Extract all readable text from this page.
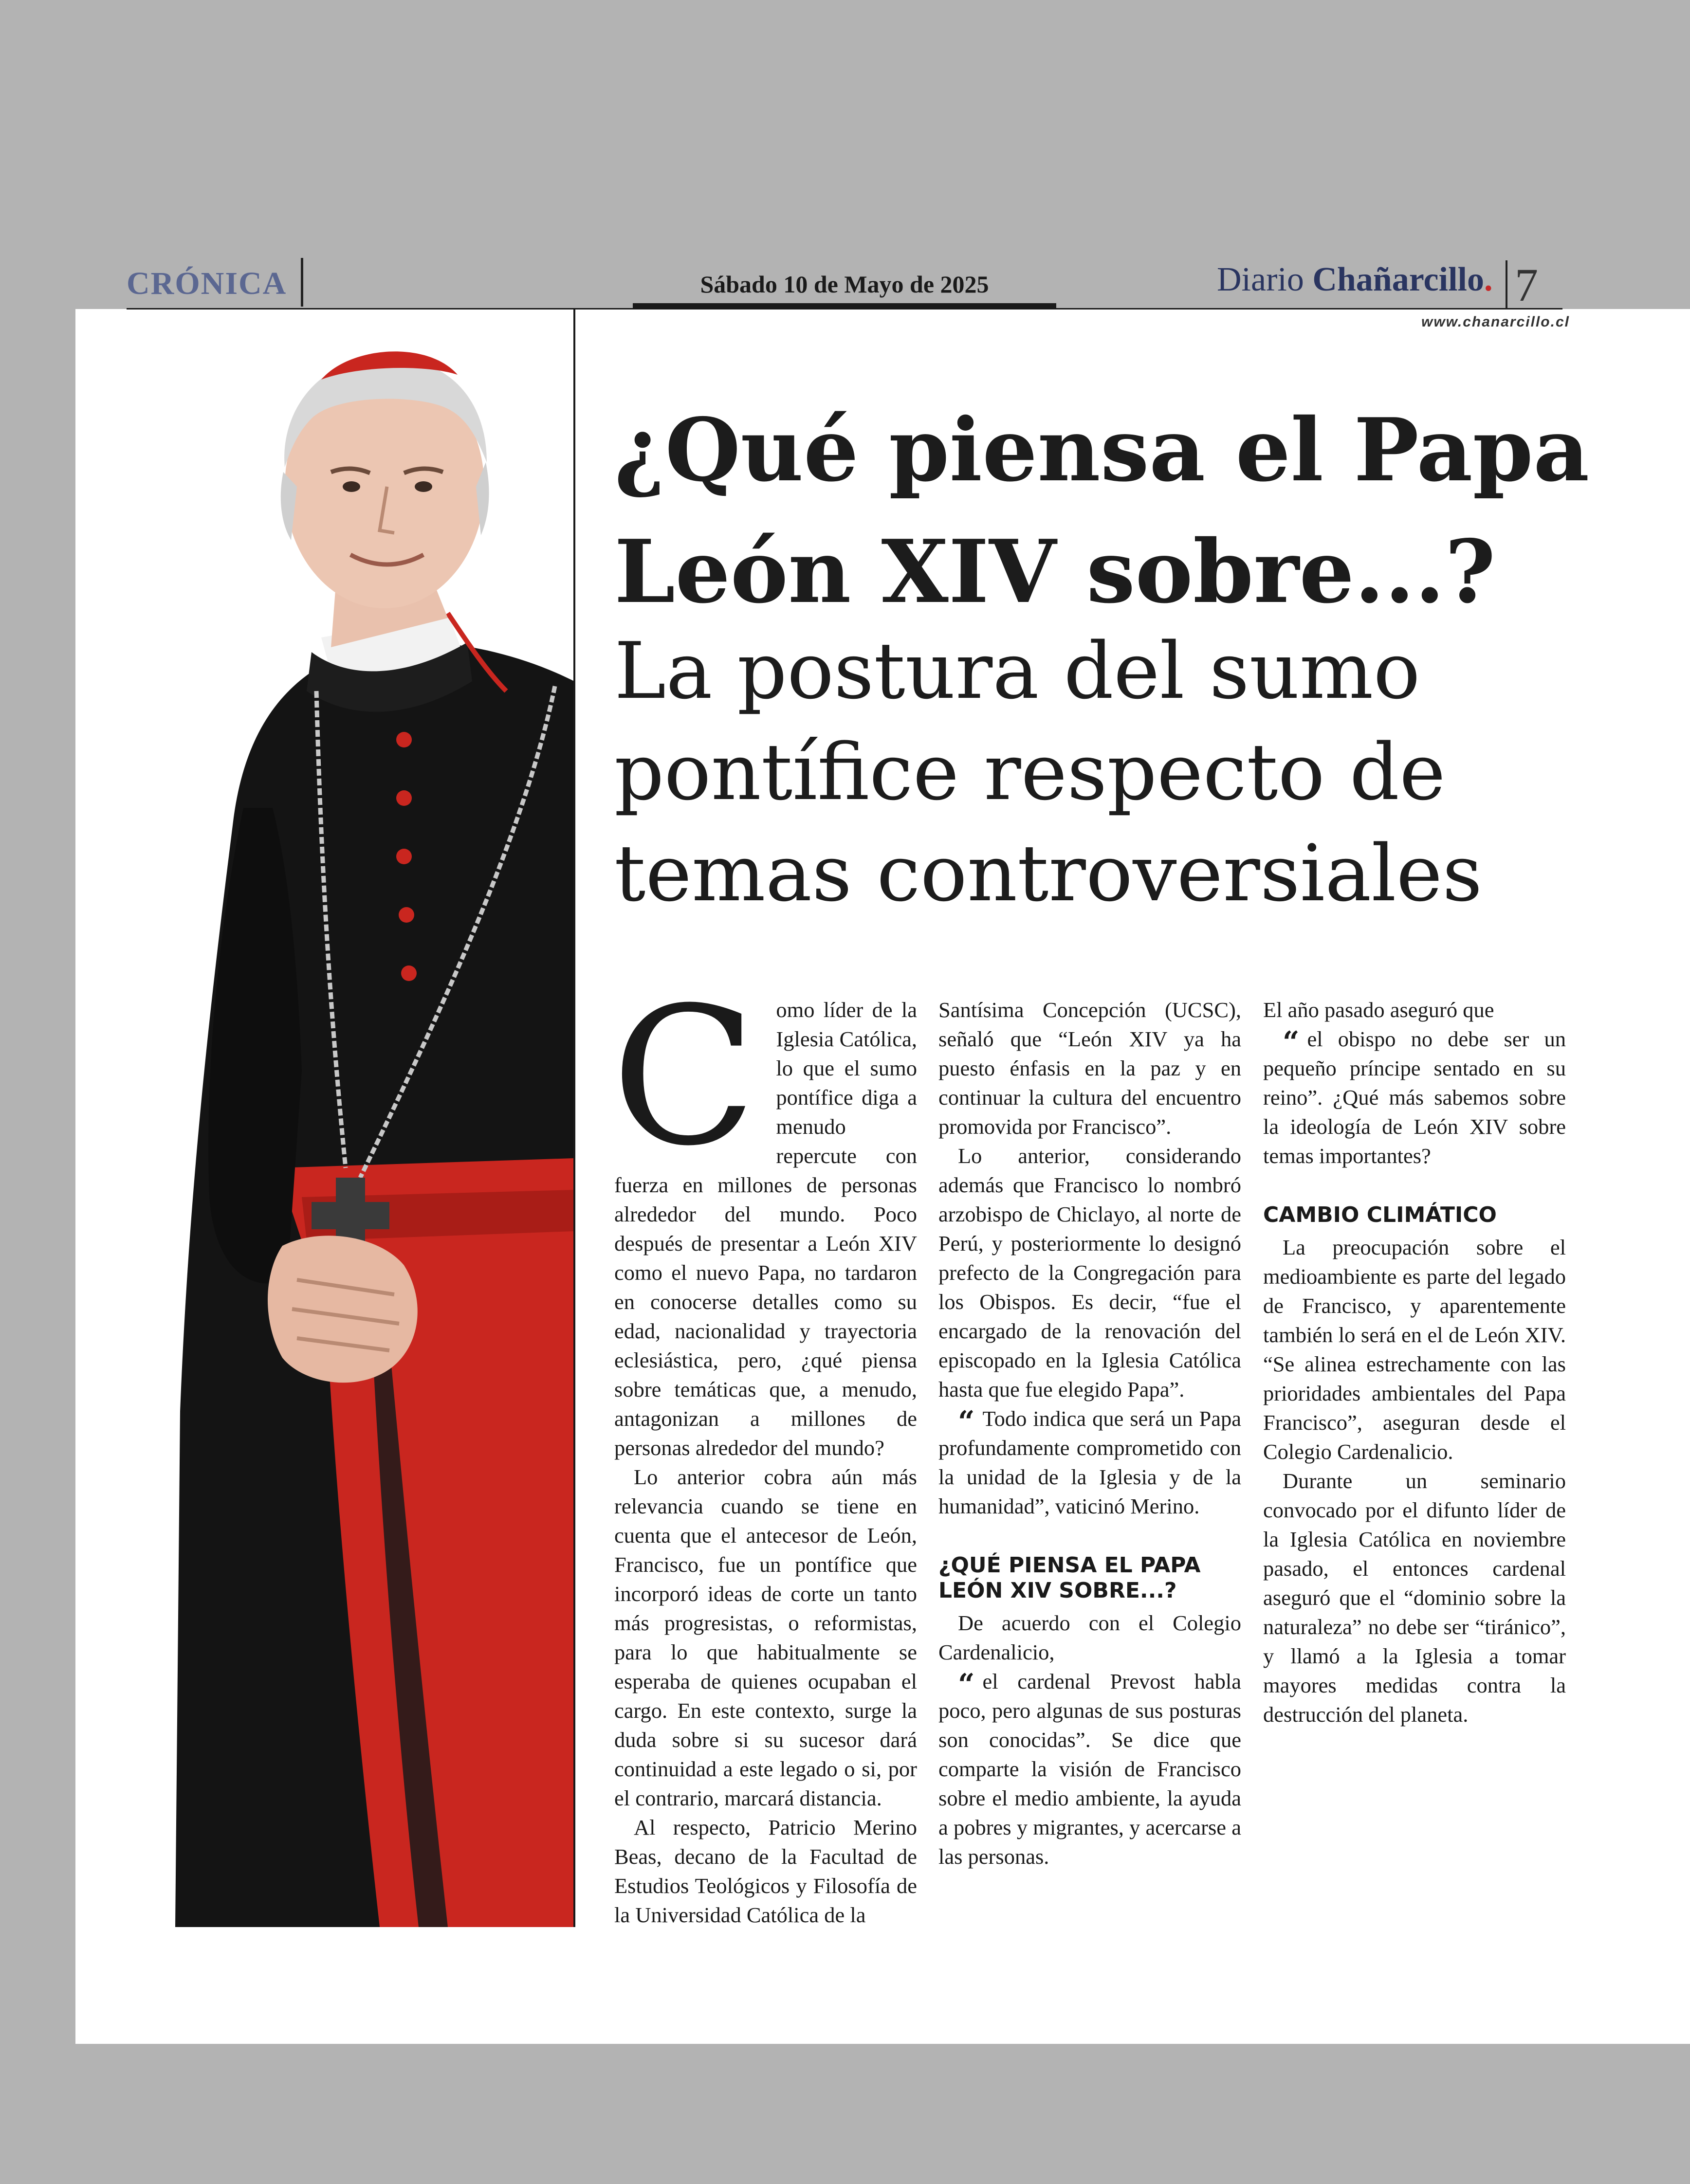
CRÓNICA	Sábado 10 de Mayo de 2025	Diario Chañarcillo. 7
www.chanarcillo.cl
¿Qué piensa el Papa León XIV sobre...?
La postura del sumo pontífice respecto de temas controversiales
C omo líder de la Iglesia Católica, lo que el sumo pontífice diga a menudo repercute con fuerza en millones de personas alrededor del mundo. Poco después de presentar a León XIV como el nuevo Papa, no tardaron en conocerse detalles como su edad, nacionalidad y trayectoria eclesiástica, pero, ¿qué piensa sobre temáticas que, a menudo, antagonizan a millones de personas alrededor del mundo?

Lo anterior cobra aún más relevancia cuando se tiene en cuenta que el antecesor de León, Francisco, fue un pontífice que incorporó ideas de corte un tanto más progresistas, o reformistas, para lo que habitualmente se esperaba de quienes ocupaban el cargo. En este contexto, surge la duda sobre si su sucesor dará continuidad a este legado o si, por el contrario, marcará distancia.

Al respecto, Patricio Merino Beas, decano de la Facultad de Estudios Teológicos y Filosofía de la Universidad Católica de la

Santísima Concepción (UCSC), señaló que “León XIV ya ha puesto énfasis en la paz y en continuar la cultura del encuentro promovida por Francisco”.

Lo anterior, considerando además que Francisco lo nombró arzobispo de Chiclayo, al norte de Perú, y posteriormente lo designó prefecto de la Congregación para los Obispos. Es decir, “fue el encargado de la renovación del episcopado en la Iglesia Católica hasta que fue elegido Papa”.

“ Todo indica que será un Papa profundamente comprometido con la unidad de la Iglesia y de la humanidad”, vaticinó Merino.

¿QUÉ PIENSA EL PAPA LEÓN XIV SOBRE...?

De acuerdo con el Colegio Cardenalicio,

“ el cardenal Prevost habla poco, pero algunas de sus posturas son conocidas”. Se dice que comparte la visión de Francisco sobre el medio ambiente, la ayuda a pobres y migrantes, y acercarse a las personas.

El año pasado aseguró que

“ el obispo no debe ser un pequeño príncipe sentado en su reino”. ¿Qué más sabemos sobre la ideología de León XIV sobre temas importantes?

CAMBIO CLIMÁTICO

La preocupación sobre el medioambiente es parte del legado de Francisco, y aparentemente también lo será en el de León XIV. “Se alinea estrechamente con las prioridades ambientales del Papa Francisco”, aseguran desde el Colegio Cardenalicio.

Durante un seminario convocado por el difunto líder de la Iglesia Católica en noviembre pasado, el entonces cardenal aseguró que el “dominio sobre la naturaleza” no debe ser “tiránico”, y llamó a la Iglesia a tomar mayores medidas contra la destrucción del planeta.
